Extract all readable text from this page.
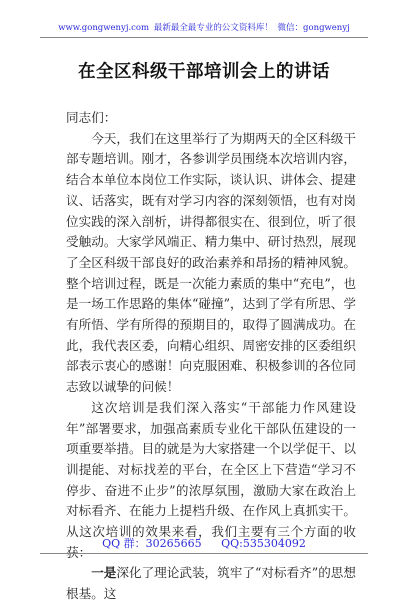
www.gongwenyj.com 最新最全最专业的公文资料库！ 微信：gongwenyj
在全区科级干部培训会上的讲话

同志们：

今天，我们在这里举行了为期两天的全区科级干部专题培训。刚才，各参训学员围绕本次培训内容，结合本单位本岗位工作实际，谈认识、讲体会、提建议、话落实，既有对学习内容的深刻领悟，也有对岗位实践的深入剖析，讲得都很实在、很到位，听了很受触动。大家学风端正、精力集中、研讨热烈，展现了全区科级干部良好的政治素养和昂扬的精神风貌。整个培训过程，既是一次能力素质的集中“充电”，也是一场工作思路的集体“碰撞”，达到了学有所思、学有所悟、学有所得的预期目的，取得了圆满成功。在此，我代表区委，向精心组织、周密安排的区委组织部表示衷心的感谢！向克服困难、积极参训的各位同志致以诚挚的问候！

这次培训是我们深入落实“干部能力作风建设年”部署要求，加强高素质专业化干部队伍建设的一项重要举措。目的就是为大家搭建一个以学促干、以训提能、对标找差的平台，在全区上下营造“学习不停步、奋进不止步”的浓厚氛围，激励大家在政治上对标看齐、在能力上提档升级、在作风上真抓实干。从这次培训的效果来看，我们主要有三个方面的收获：

一是深化了理论武装，筑牢了“对标看齐”的思想根基。这

QQ 群：30265665 QQ:535304092
